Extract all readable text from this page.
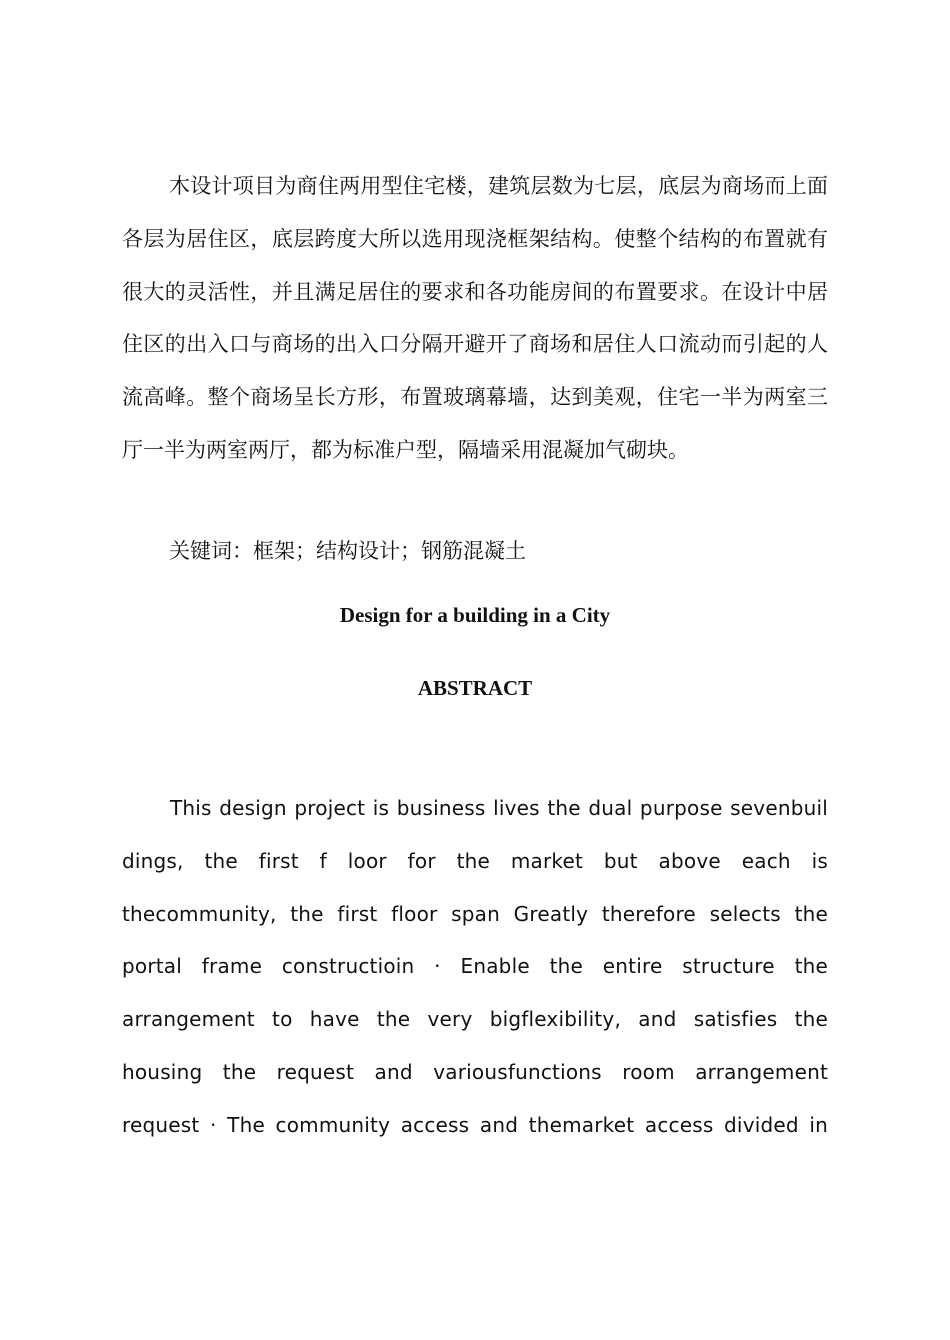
木设计项目为商住两用型住宅楼，建筑层数为七层，底层为商场而上面各层为居住区，底层跨度大所以选用现浇框架结构。使整个结构的布置就有很大的灵活性，并且满足居住的要求和各功能房间的布置要求。在设计中居住区的出入口与商场的出入口分隔开避开了商场和居住人口流动而引起的人流高峰。整个商场呈长方形，布置玻璃幕墙，达到美观，住宅一半为两室三厅一半为两室两厅，都为标准户型，隔墙采用混凝加气砌块。

关键词：框架；结构设计；钢筋混凝土
Design for a building in a City
ABSTRACT

This design project is business lives the dual purpose sevenbuil dings, the first f loor for the market but above each is thecommunity, the first floor span Greatly therefore selects the portal frame constructioin · Enable the entire structure the arrangement to have the very bigflexibility, and satisfies the housing the request and variousfunctions room arrangement request · The community access and themarket access divided in
